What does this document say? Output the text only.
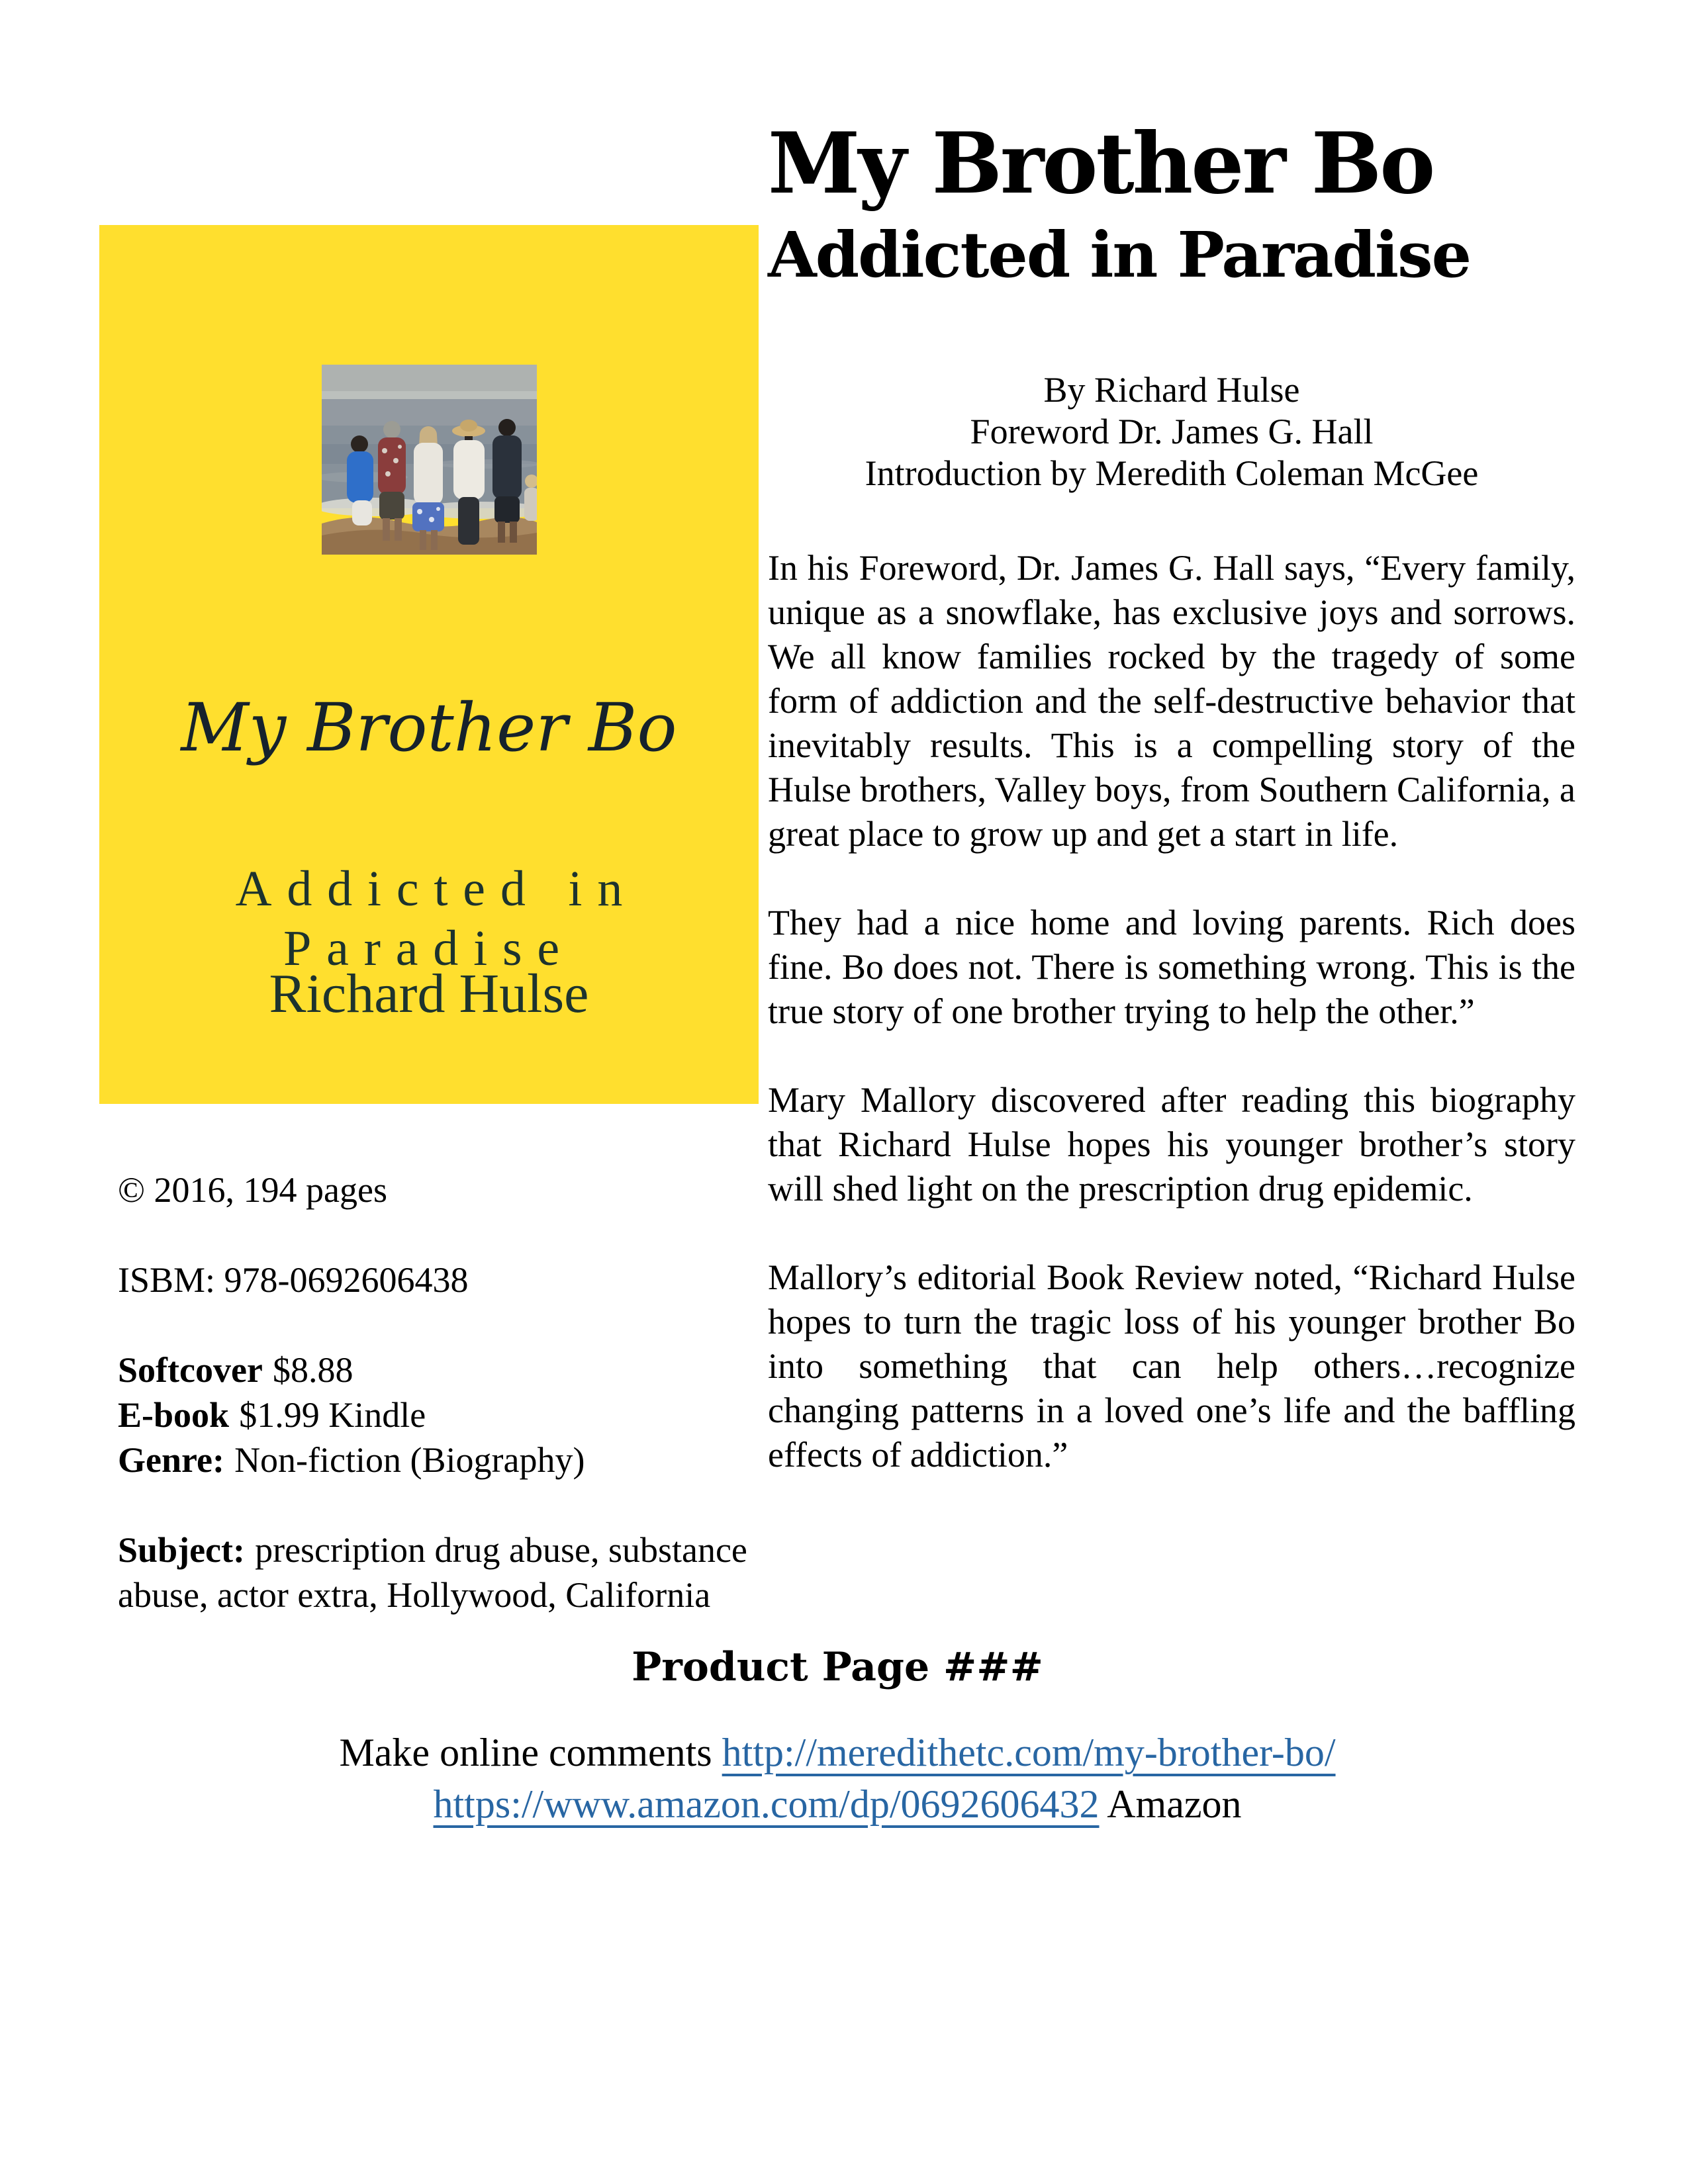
My Brother Bo
Addicted in Paradise
Richard Hulse
© 2016, 194 pages
ISBM: 978-0692606438
Softcover $8.88
E-book $1.99 Kindle
Genre: Non-fiction (Biography)
Subject: prescription drug abuse, substance abuse, actor extra, Hollywood, California
My Brother Bo
Addicted in Paradise
By Richard Hulse
Foreword Dr. James G. Hall
Introduction by Meredith Coleman McGee

In his Foreword, Dr. James G. Hall says, “Every family, unique as a snowflake, has exclusive joys and sorrows. We all know families rocked by the tragedy of some form of addiction and the self-destructive behavior that inevitably results. This is a compelling story of the Hulse brothers, Valley boys, from Southern California, a great place to grow up and get a start in life.

They had a nice home and loving parents. Rich does fine. Bo does not. There is something wrong. This is the true story of one brother trying to help the other.”

Mary Mallory discovered after reading this biography that Richard Hulse hopes his younger brother’s story will shed light on the prescription drug epidemic.

Mallory’s editorial Book Review noted, “Richard Hulse hopes to turn the tragic loss of his younger brother Bo into something that can help others…recognize changing patterns in a loved one’s life and the baffling effects of addiction.”

Product Page ###
Make online comments http://meredithetc.com/my-brother-bo/
https://www.amazon.com/dp/0692606432 Amazon
